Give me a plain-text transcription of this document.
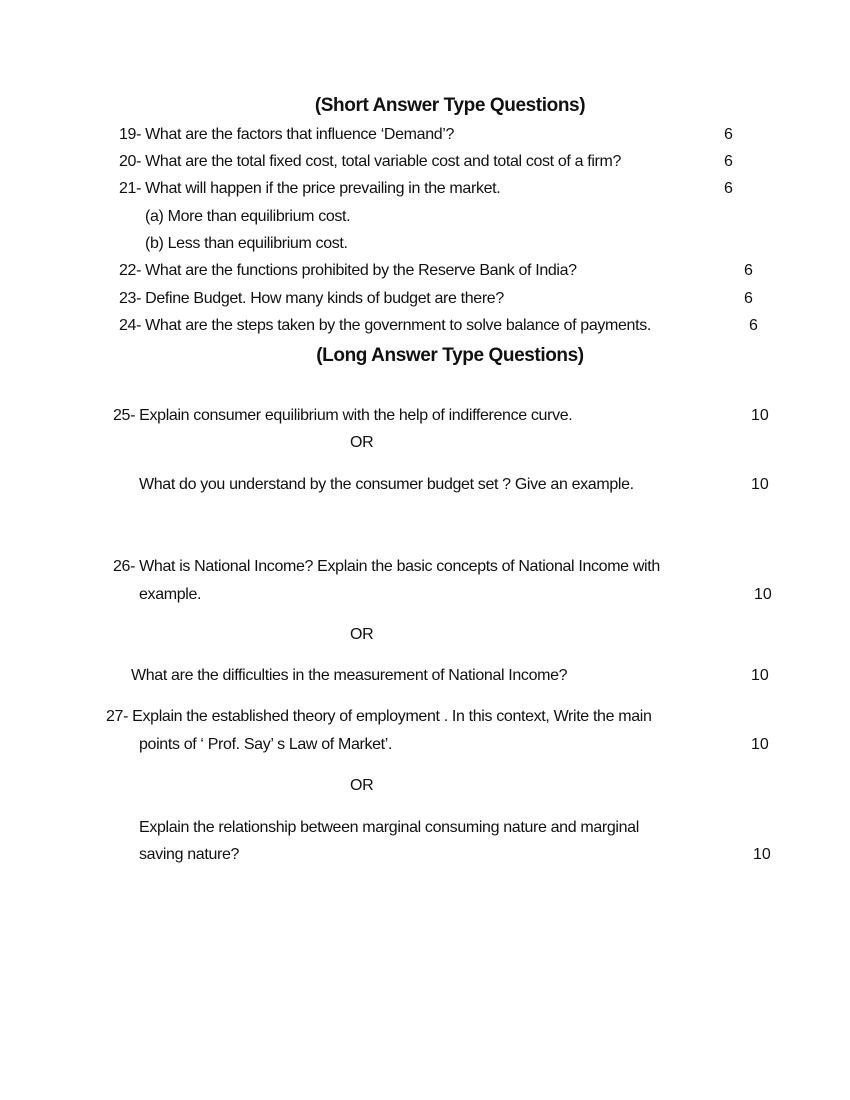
(Short Answer Type Questions)
19- What are the factors that influence ‘Demand’?	6
20- What are the total fixed cost, total variable cost and total cost of a firm?	6
21- What will happen if the price prevailing in the market.	6
(a) More than equilibrium cost.
(b) Less than equilibrium cost.
22- What are the functions prohibited by the Reserve Bank of India?	6
23- Define Budget. How many kinds of budget are there?	6
24- What are the steps taken by the government to solve balance of payments.	6
(Long Answer Type Questions)
25- Explain consumer equilibrium with the help of indifference curve.	10
OR
What do you understand by the consumer budget set ? Give an example.	10
26- What is National Income? Explain the basic concepts of National Income with
example.	10
OR
What are the difficulties in the measurement of National Income?	10
27- Explain the established theory of employment . In this context, Write the main
points of ‘ Prof. Say’ s Law of Market’.	10
OR
Explain the relationship between marginal consuming nature and marginal
saving nature?	10
